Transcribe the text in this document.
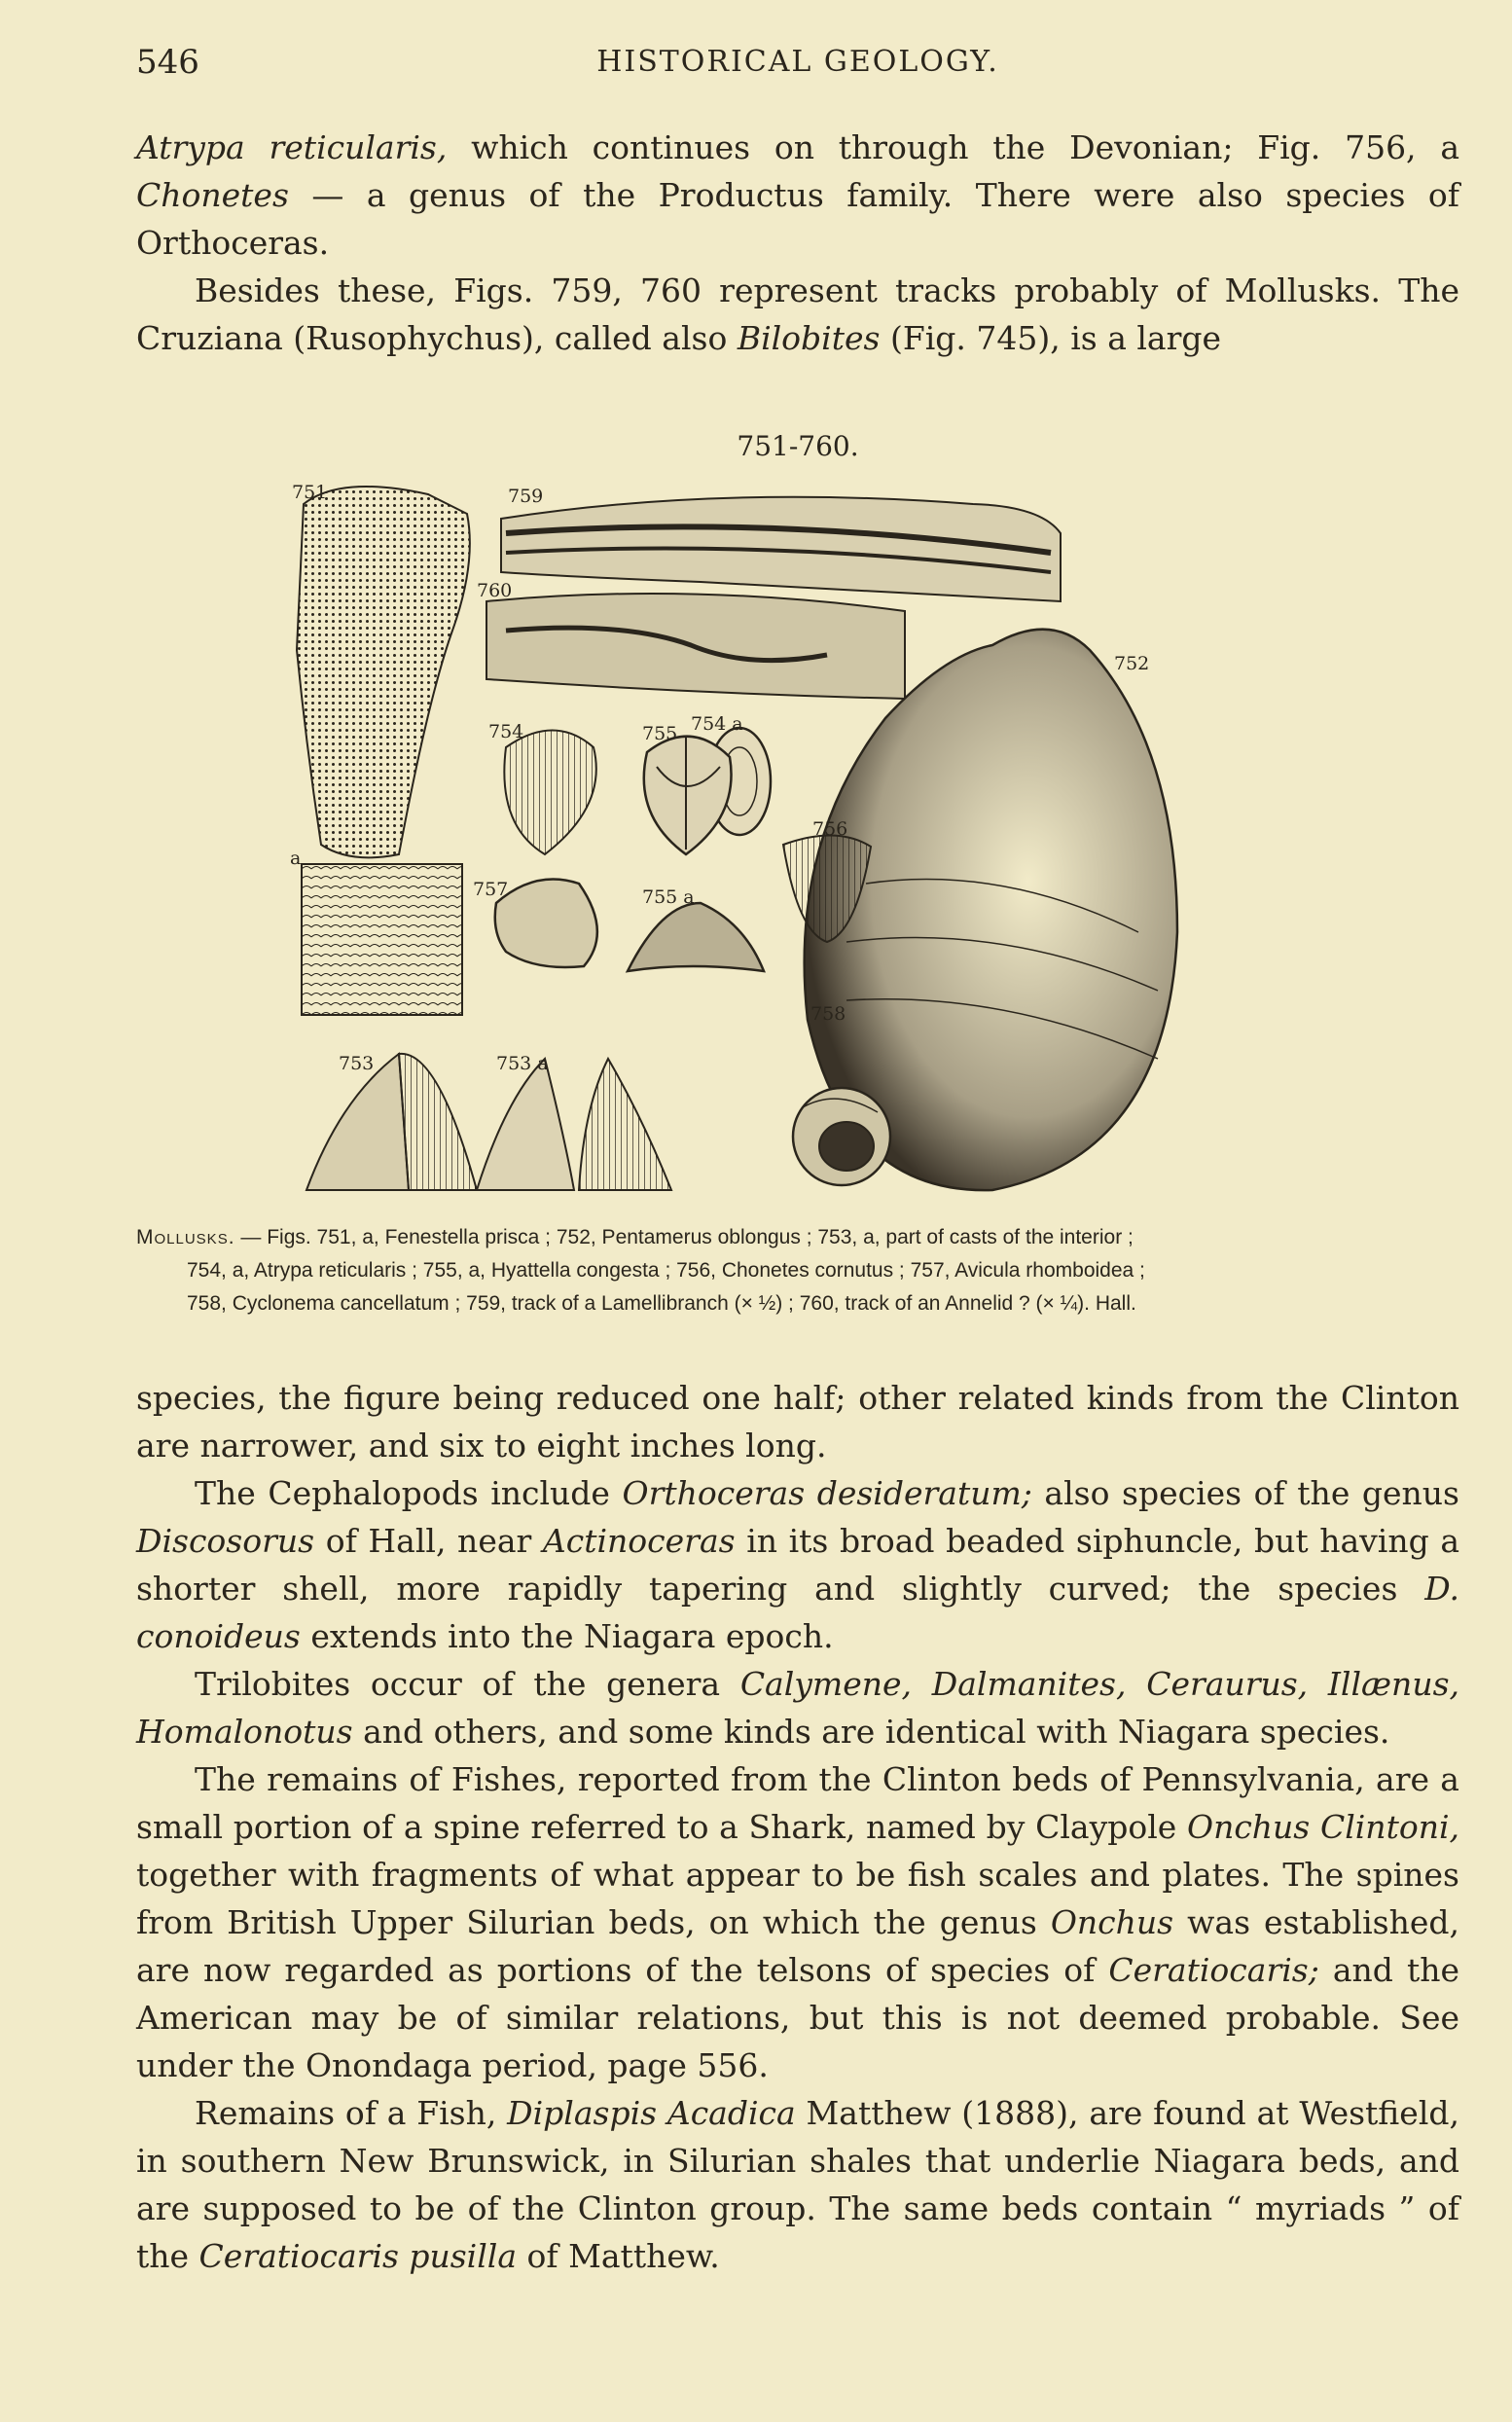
546	HISTORICAL GEOLOGY.

Atrypa reticularis, which continues on through the Devonian; Fig. 756, a Chonetes — a genus of the Productus family. There were also species of Orthoceras.

Besides these, Figs. 759, 760 represent tracks probably of Mollusks. The Cruziana (Rusophychus), called also Bilobites (Fig. 745), is a large

751-760.
751
a
759
760
752
754	754 a
755
756
757	755 a
758
753	753 a
Mollusks. — Figs. 751, a, Fenestella prisca ; 752, Pentamerus oblongus ; 753, a, part of casts of the interior ;
754, a, Atrypa reticularis ; 755, a, Hyattella congesta ; 756, Chonetes cornutus ; 757, Avicula rhomboidea ;
758, Cyclonema cancellatum ; 759, track of a Lamellibranch (× ½) ; 760, track of an Annelid ? (× ¼). Hall.

species, the figure being reduced one half; other related kinds from the Clinton are narrower, and six to eight inches long.

The Cephalopods include Orthoceras desideratum; also species of the genus Discosorus of Hall, near Actinoceras in its broad beaded siphuncle, but having a shorter shell, more rapidly tapering and slightly curved; the species D. conoideus extends into the Niagara epoch.

Trilobites occur of the genera Calymene, Dalmanites, Ceraurus, Illænus, Homalonotus and others, and some kinds are identical with Niagara species.

The remains of Fishes, reported from the Clinton beds of Pennsylvania, are a small portion of a spine referred to a Shark, named by Claypole Onchus Clintoni, together with fragments of what appear to be fish scales and plates. The spines from British Upper Silurian beds, on which the genus Onchus was established, are now regarded as portions of the telsons of species of Ceratiocaris; and the American may be of similar relations, but this is not deemed probable. See under the Onondaga period, page 556.

Remains of a Fish, Diplaspis Acadica Matthew (1888), are found at Westfield, in southern New Brunswick, in Silurian shales that underlie Niagara beds, and are supposed to be of the Clinton group. The same beds contain “ myriads ” of the Ceratiocaris pusilla of Matthew.
